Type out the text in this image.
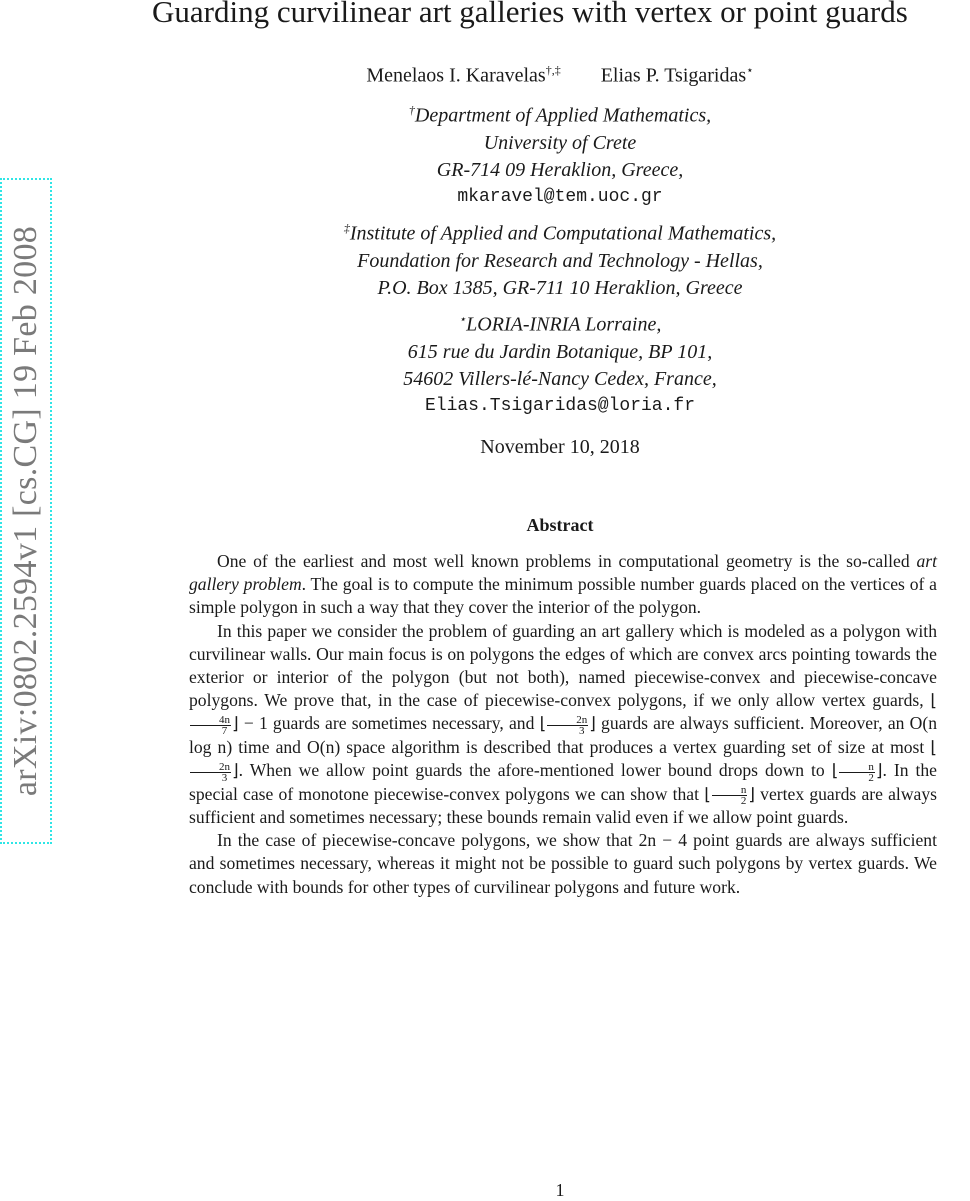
arXiv:0802.2594v1 [cs.CG] 19 Feb 2008
Guarding curvilinear art galleries with vertex or point guards
Menelaos I. Karavelas†,‡ Elias P. Tsigaridas⋆
†Department of Applied Mathematics,
University of Crete
GR-714 09 Heraklion, Greece,
mkaravel@tem.uoc.gr
‡Institute of Applied and Computational Mathematics,
Foundation for Research and Technology - Hellas,
P.O. Box 1385, GR-711 10 Heraklion, Greece
⋆LORIA-INRIA Lorraine,
615 rue du Jardin Botanique, BP 101,
54602 Villers-lé-Nancy Cedex, France,
Elias.Tsigaridas@loria.fr
November 10, 2018
Abstract

One of the earliest and most well known problems in computational geometry is the so-called art gallery problem. The goal is to compute the minimum possible number guards placed on the vertices of a simple polygon in such a way that they cover the interior of the polygon.

In this paper we consider the problem of guarding an art gallery which is modeled as a polygon with curvilinear walls. Our main focus is on polygons the edges of which are convex arcs pointing towards the exterior or interior of the polygon (but not both), named piecewise-convex and piecewise-concave polygons. We prove that, in the case of piecewise-convex polygons, if we only allow vertex guards, ⌊
$\frac{4n}{7}$ ⌋ − 1 guards are sometimes necessary, and ⌊ $\frac{2n}{3}$ ⌋ guards are always sufficient. Moreover, an O(n log n) time and O(n) space algorithm is described that produces a vertex guarding set of size at most ⌊
$\frac{2n}{3}$ ⌋. When we allow point guards the afore-mentioned lower bound drops down to ⌊ $\frac{n}{2}$ ⌋. In the special case of monotone piecewise-convex polygons we can show that ⌊ $\frac{n}{2}$ ⌋ vertex guards are always sufficient and sometimes necessary; these bounds remain valid even if we allow point guards.

In the case of piecewise-concave polygons, we show that 2n − 4 point guards are always sufficient and sometimes necessary, whereas it might not be possible to guard such polygons by vertex guards. We conclude with bounds for other types of curvilinear polygons and future work.

1
